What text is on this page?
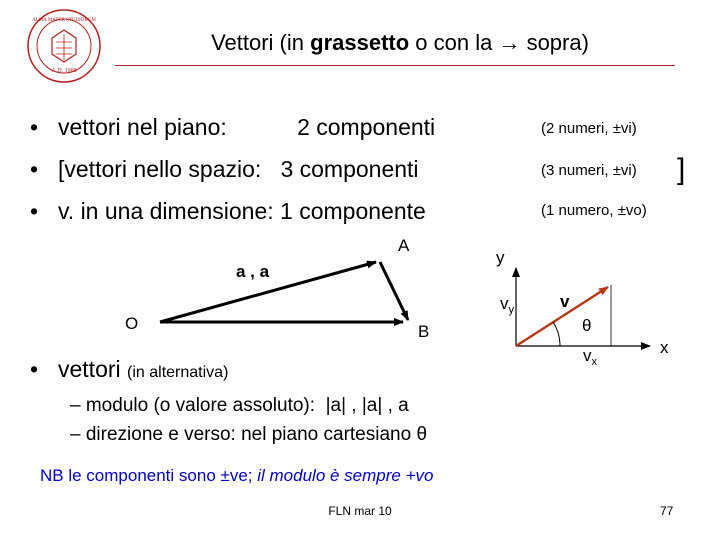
A.D. 1088
ALMA MATER STUDIORUM
Vettori (in grassetto o con la → sopra)
• vettori nel piano:           2 componenti	(2 numeri, ±vi)
• [vettori nello spazio:   3 componenti	(3 numeri, ±vi) ]
• v. in una dimensione: 1 componente	(1 numero, ±vo)
a , a
O
A
B
y
x
v
θ
$v_y$
$v_x$
• vettori (in alternativa)
– modulo (o valore assoluto):  |a| , |a| , a
– direzione e verso: nel piano cartesiano θ
NB le componenti sono ±ve; il modulo è sempre +vo
FLN mar 10	77
